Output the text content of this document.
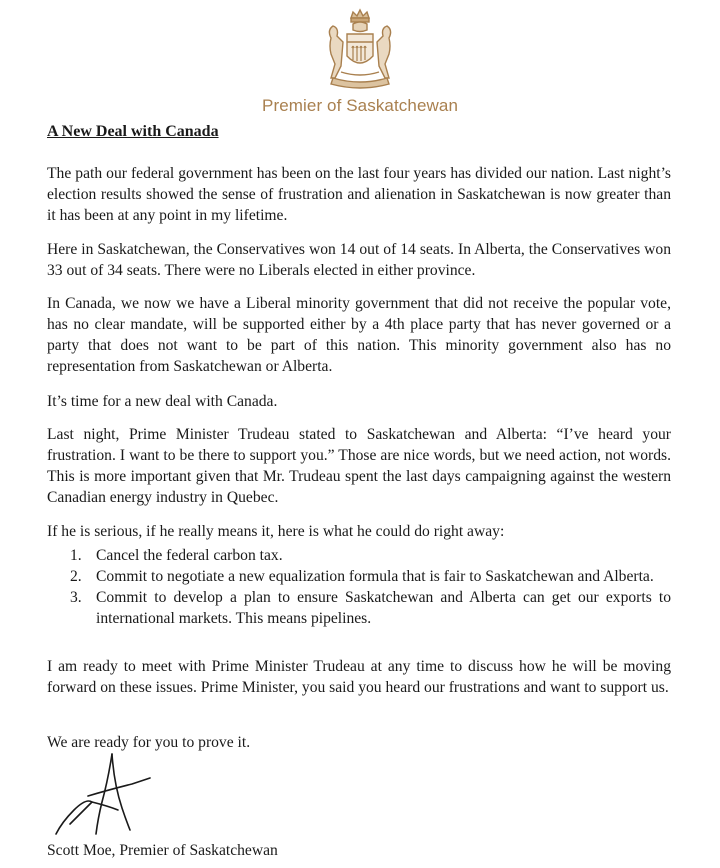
Premier of Saskatchewan
A New Deal with Canada

The path our federal government has been on the last four years has divided our nation. Last night’s election results showed the sense of frustration and alienation in Saskatchewan is now greater than it has been at any point in my lifetime.

Here in Saskatchewan, the Conservatives won 14 out of 14 seats. In Alberta, the Conservatives won 33 out of 34 seats. There were no Liberals elected in either province.

In Canada, we now we have a Liberal minority government that did not receive the popular vote, has no clear mandate, will be supported either by a 4th place party that has never governed or a party that does not want to be part of this nation. This minority government also has no representation from Saskatchewan or Alberta.

It’s time for a new deal with Canada.

Last night, Prime Minister Trudeau stated to Saskatchewan and Alberta: “I’ve heard your frustration. I want to be there to support you.” Those are nice words, but we need action, not words. This is more important given that Mr. Trudeau spent the last days campaigning against the western Canadian energy industry in Quebec.

If he is serious, if he really means it, here is what he could do right away:

1. Cancel the federal carbon tax.
2. Commit to negotiate a new equalization formula that is fair to Saskatchewan and Alberta.
3. Commit to develop a plan to ensure Saskatchewan and Alberta can get our exports to international markets. This means pipelines.

I am ready to meet with Prime Minister Trudeau at any time to discuss how he will be moving forward on these issues. Prime Minister, you said you heard our frustrations and want to support us.

We are ready for you to prove it.

Scott Moe, Premier of Saskatchewan
